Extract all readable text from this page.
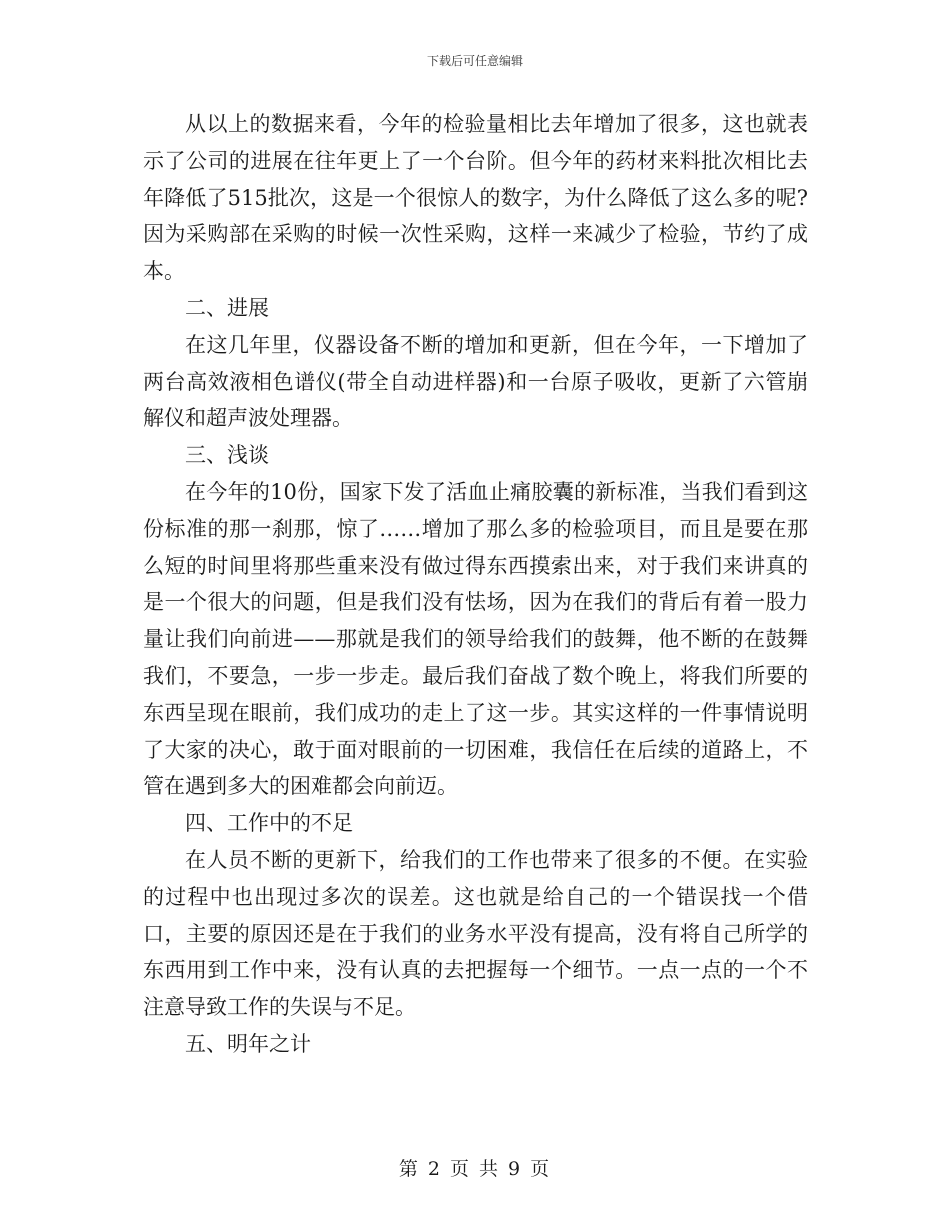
下载后可任意编辑

从以上的数据来看，今年的检验量相比去年增加了很多，这也就表示了公司的进展在往年更上了一个台阶。但今年的药材来料批次相比去年降低了515批次，这是一个很惊人的数字，为什么降低了这么多的呢?因为采购部在采购的时候一次性采购，这样一来减少了检验，节约了成本。

二、进展

在这几年里，仪器设备不断的增加和更新，但在今年，一下增加了两台高效液相色谱仪(带全自动进样器)和一台原子吸收，更新了六管崩解仪和超声波处理器。

三、浅谈

在今年的10份，国家下发了活血止痛胶囊的新标准，当我们看到这份标准的那一刹那，惊了……增加了那么多的检验项目，而且是要在那么短的时间里将那些重来没有做过得东西摸索出来，对于我们来讲真的是一个很大的问题，但是我们没有怯场，因为在我们的背后有着一股力量让我们向前进——那就是我们的领导给我们的鼓舞，他不断的在鼓舞我们，不要急，一步一步走。最后我们奋战了数个晚上，将我们所要的东西呈现在眼前，我们成功的走上了这一步。其实这样的一件事情说明了大家的决心，敢于面对眼前的一切困难，我信任在后续的道路上，不管在遇到多大的困难都会向前迈。

四、工作中的不足

在人员不断的更新下，给我们的工作也带来了很多的不便。在实验的过程中也出现过多次的误差。这也就是给自己的一个错误找一个借口，主要的原因还是在于我们的业务水平没有提高，没有将自己所学的东西用到工作中来，没有认真的去把握每一个细节。一点一点的一个不注意导致工作的失误与不足。

五、明年之计

第 2 页 共 9 页
